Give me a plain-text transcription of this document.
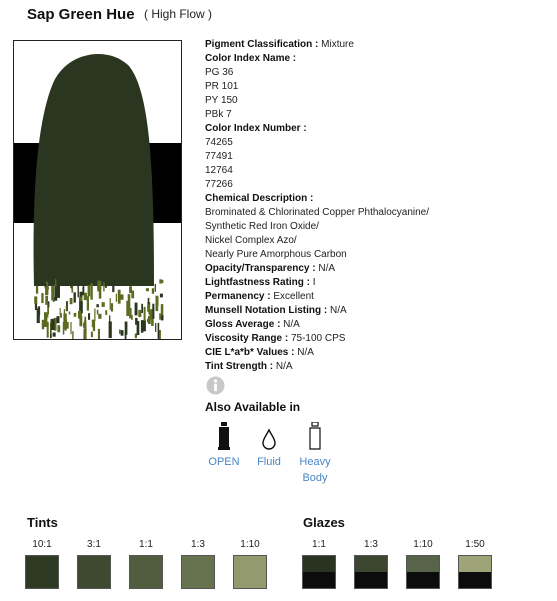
Sap Green Hue ( High Flow )
Pigment Classification : Mixture
Color Index Name :
PG 36
PR 101
PY 150
PBk 7
Color Index Number :
74265
77491
12764
77266
Chemical Description :
Brominated & Chlorinated Copper Phthalocyanine/
Synthetic Red Iron Oxide/
Nickel Complex Azo/
Nearly Pure Amorphous Carbon
Opacity/Transparency : N/A
Lightfastness Rating : I
Permanency : Excellent
Munsell Notation Listing : N/A
Gloss Average : N/A
Viscosity Range : 75-100 CPS
CIE L*a*b* Values : N/A
Tint Strength : N/A
Also Available in
OPEN	Fluid	Heavy Body
Tints	Glazes
10:1	3:1	1:1	1:3	1:10	1:1	1:3	1:10	1:50
